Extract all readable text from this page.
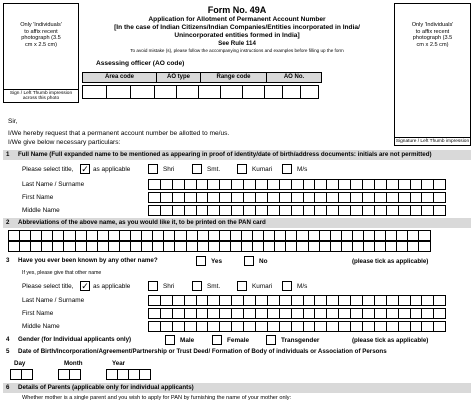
Only 'Individuals' to affix recent photograph (3.5 cm x 2.5 cm)
Sign / Left Thumb impression across this photo
Only 'Individuals' to affix recent photograph (3.5 cm x 2.5 cm)
Signature / Left Thumb impression
Form No. 49A
Application for Allotment of Permanent Account Number
[In the case of Indian Citizens/Indian Companies/Entities incorporated in India/
Unincorporated entities formed in India]
See Rule 114
To avoid mistake (s), please follow the accompanying instructions and examples before filling up the form
Assessing officer (AO code)
Area code	AO type	Range code	AO No.
Sir,
I/We hereby request that a permanent account number be allotted to me/us.
I/We give below necessary particulars:
1 Full Name (Full expanded name to be mentioned as appearing in proof of identity/date of birth/address documents: initials are not permitted)
Please select title, ✓ as applicable	Shri	Smt.	Kumari	M/s
Last Name / Surname
First Name
Middle Name
2 Abbreviations of the above name, as you would like it, to be printed on the PAN card
3 Have you ever been known by any other name?	Yes	No	(please tick as applicable)
If yes, please give that other name
Please select title, ✓ as applicable	Shri	Smt.	Kumari	M/s
Last Name / Surname
First Name
Middle Name
4 Gender (for Individual applicants only)	Male	Female	Transgender	(please tick as applicable)
5 Date of Birth/Incorporation/Agreement/Partnership or Trust Deed/ Formation of Body of individuals or Association of Persons
Day	Month	Year
6 Details of Parents (applicable only for individual applicants)
Whether mother is a single parent and you wish to apply for PAN by furnishing the name of your mother only:
